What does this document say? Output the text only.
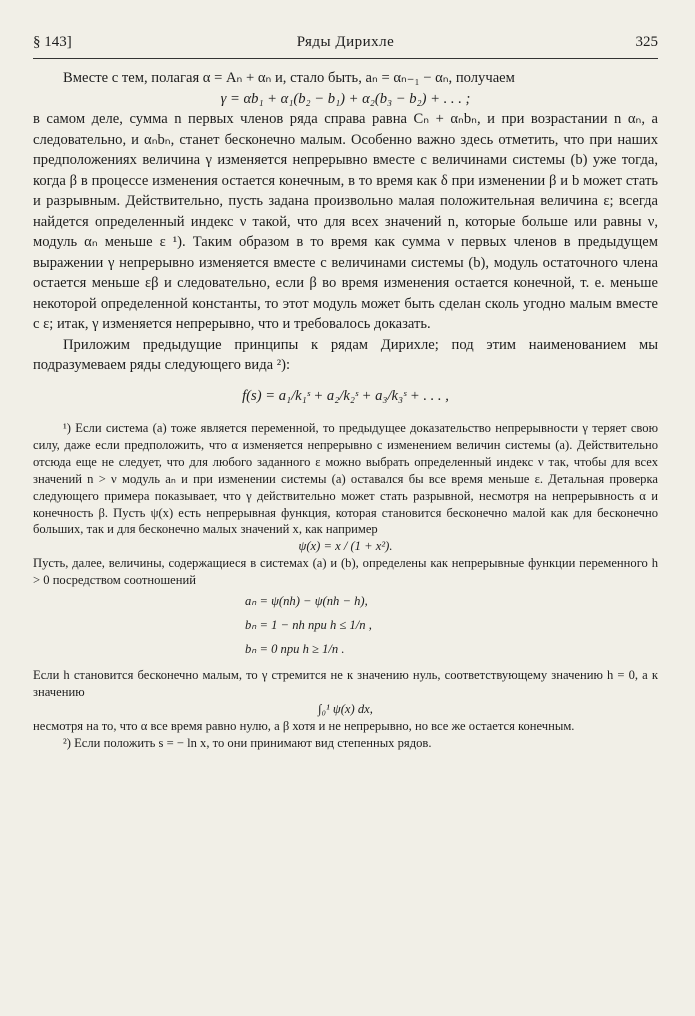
§ 143]	Ряды Дирихле	325

Вместе с тем, полагая α = Aₙ + αₙ и, стало быть, aₙ = αₙ₋₁ − αₙ, получаем

γ = αb₁ + α₁(b₂ − b₁) + α₂(b₃ − b₂) + . . . ;

в самом деле, сумма n первых членов ряда справа равна Cₙ + αₙbₙ, и при возрастании n αₙ, а следовательно, и αₙbₙ, станет бесконечно малым. Особенно важно здесь отметить, что при наших предположениях величина γ изменяется непрерывно вместе с величинами системы (b) уже тогда, когда β в процессе изменения остается конечным, в то время как δ при изменении β и b может стать и разрывным. Действительно, пусть задана произвольно малая положительная величина ε; всегда найдется определенный индекс ν такой, что для всех значений n, которые больше или равны ν, модуль αₙ меньше ε ¹). Таким образом в то время как сумма ν первых членов в предыдущем выражении γ непрерывно изменяется вместе с величинами системы (b), модуль остаточного члена остается меньше εβ и следовательно, если β во время изменения остается конечной, т. е. меньше некоторой определенной константы, то этот модуль может быть сделан сколь угодно малым вместе с ε; итак, γ изменяется непрерывно, что и требовалось доказать.

Приложим предыдущие принципы к рядам Дирихле; под этим наименованием мы подразумеваем ряды следующего вида ²):

f(s) = a₁/k₁ˢ + a₂/k₂ˢ + a₃/k₃ˢ + . . . ,

¹) Если система (a) тоже является переменной, то предыдущее доказательство непрерывности γ теряет свою силу, даже если предположить, что α изменяется непрерывно с изменением величин системы (a). Действительно отсюда еще не следует, что для любого заданного ε можно выбрать определенный индекс ν так, чтобы для всех значений n > ν модуль aₙ и при изменении системы (a) оставался бы все время меньше ε. Детальная проверка следующего примера показывает, что γ действительно может стать разрывной, несмотря на непрерывность α и конечность β. Пусть ψ(x) есть непрерывная функция, которая становится бесконечно малой как для бесконечно больших, так и для бесконечно малых значений x, как например

ψ(x) = x / (1 + x²).

Пусть, далее, величины, содержащиеся в системах (a) и (b), определены как непрерывные функции переменного h > 0 посредством соотношений

aₙ = ψ(nh) − ψ(nh − h),
bₙ = 1 − nh при h ≤ 1/n ,
bₙ = 0 при h ≥ 1/n .

Если h становится бесконечно малым, то γ стремится не к значению нуль, соответствующему значению h = 0, а к значению

∫₀¹ ψ(x) dx,

несмотря на то, что α все время равно нулю, а β хотя и не непрерывно, но все же остается конечным.

²) Если положить s = − ln x, то они принимают вид степенных рядов.
